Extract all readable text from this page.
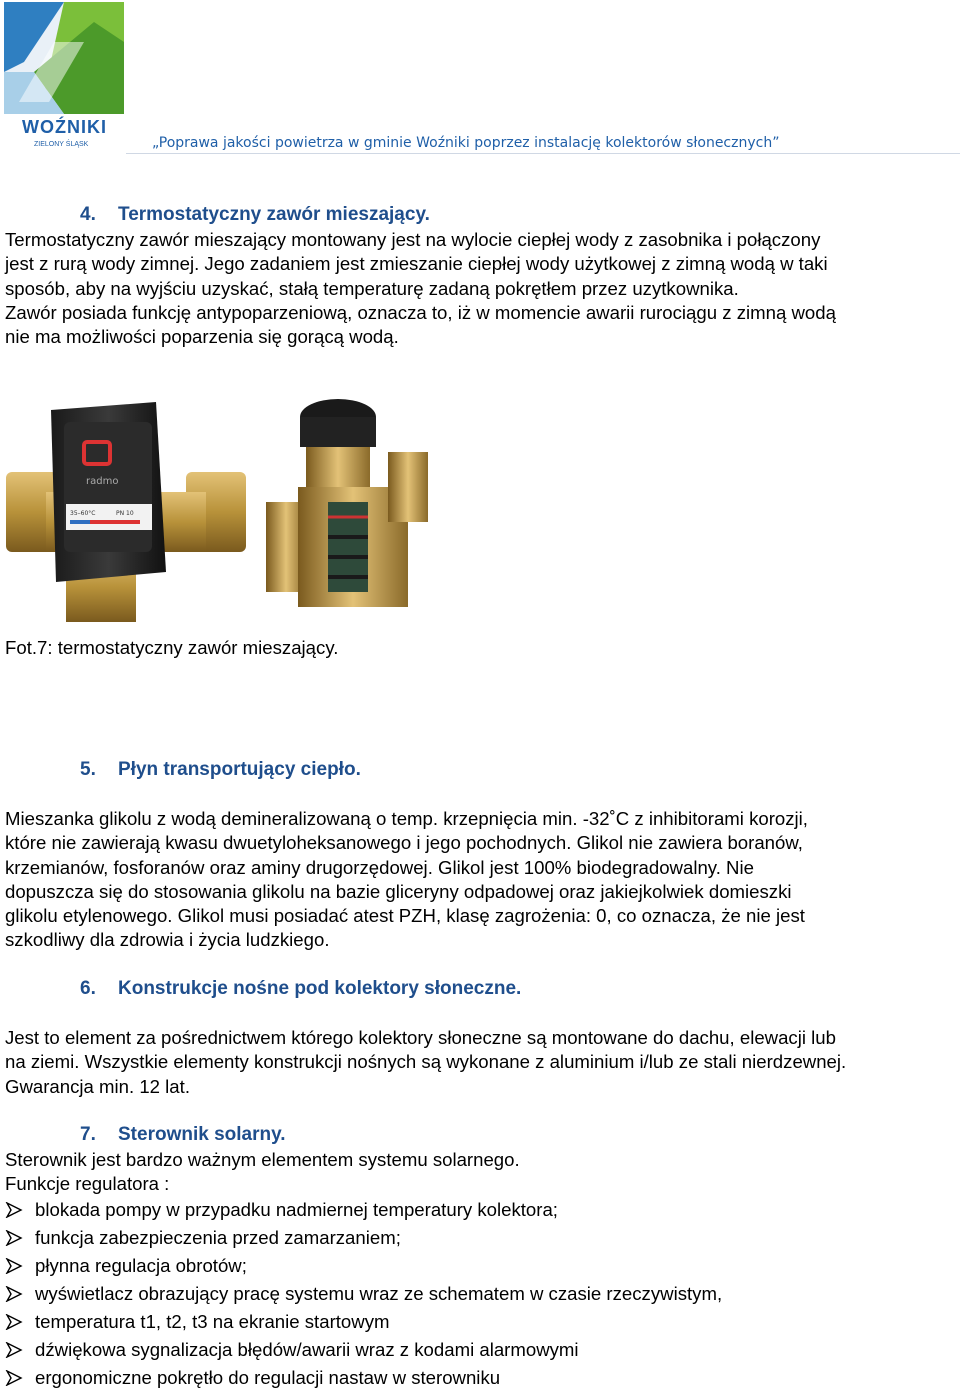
WOŹNIKI
ZIELONY ŚLĄSK	„Poprawa jakości powietrza w gminie Woźniki poprzez instalację kolektorów słonecznych”
4. Termostatyczny zawór mieszający.
Termostatyczny zawór mieszający montowany jest na wylocie ciepłej wody z zasobnika i połączony
jest z rurą wody zimnej. Jego zadaniem jest zmieszanie ciepłej wody użytkowej z zimną wodą w taki
sposób, aby na wyjściu uzyskać, stałą temperaturę zadaną pokrętłem przez uzytkownika.
Zawór posiada funkcję antypoparzeniową, oznacza to, iż w momencie awarii rurociągu z zimną wodą
nie ma możliwości poparzenia się gorącą wodą.
radmo
35–60°C	PN 10
Fot.7: termostatyczny zawór mieszający.
5. Płyn transportujący ciepło.
Mieszanka glikolu z wodą demineralizowaną o temp. krzepnięcia min. -32˚C z inhibitorami korozji,
które nie zawierają kwasu dwuetyloheksanowego i jego pochodnych. Glikol nie zawiera boranów,
krzemianów, fosforanów oraz aminy drugorzędowej. Glikol jest 100% biodegradowalny. Nie
dopuszcza się do stosowania glikolu na bazie gliceryny odpadowej oraz jakiejkolwiek domieszki
glikolu etylenowego. Glikol musi posiadać atest PZH, klasę zagrożenia: 0, co oznacza, że nie jest
szkodliwy dla zdrowia i życia ludzkiego.
6. Konstrukcje nośne pod kolektory słoneczne.
Jest to element za pośrednictwem którego kolektory słoneczne są montowane do dachu, elewacji lub
na ziemi. Wszystkie elementy konstrukcji nośnych są wykonane z aluminium i/lub ze stali nierdzewnej.
Gwarancja min. 12 lat.
7. Sterownik solarny.
Sterownik jest bardzo ważnym elementem systemu solarnego.
Funkcje regulatora :
blokada pompy w przypadku nadmiernej temperatury kolektora;
funkcja zabezpieczenia przed zamarzaniem;
płynna regulacja obrotów;
wyświetlacz obrazujący pracę systemu wraz ze schematem w czasie rzeczywistym,
temperatura t1, t2, t3 na ekranie startowym
dźwiękowa sygnalizacja błędów/awarii wraz z kodami alarmowymi
ergonomiczne pokrętło do regulacji nastaw w sterowniku
